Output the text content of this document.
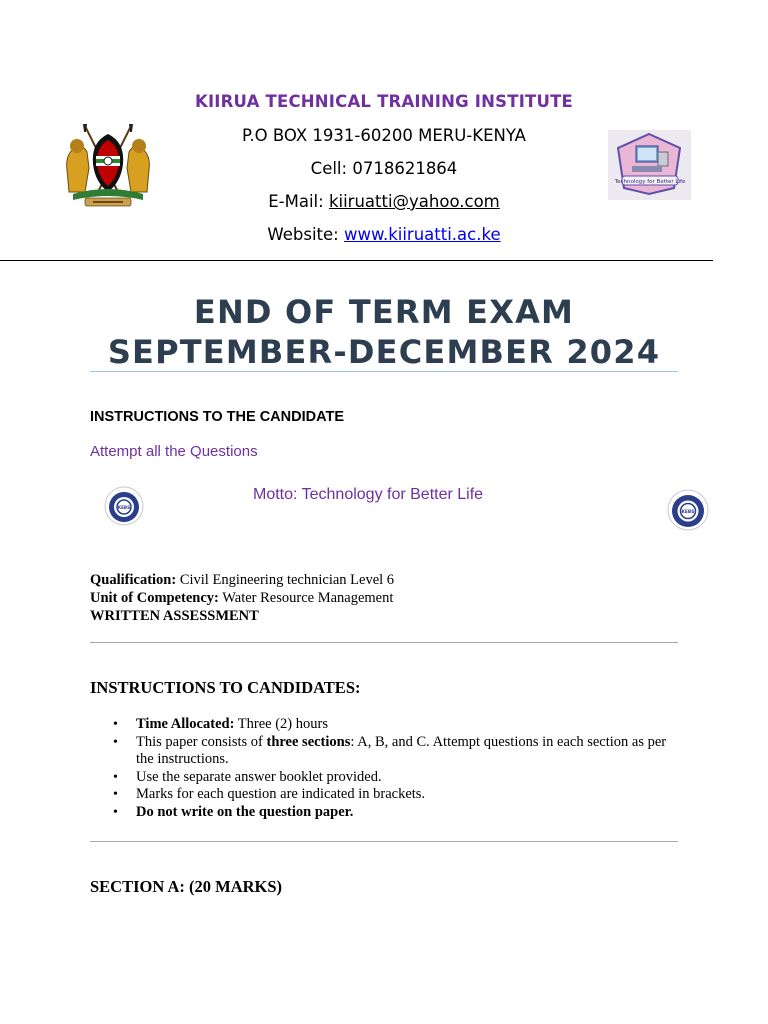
Technology for Better Life
KIIRUA TECHNICAL TRAINING INSTITUTE
P.O BOX 1931-60200 MERU-KENYA
Cell: 0718621864
E-Mail: kiiruatti@yahoo.com
Website: www.kiiruatti.ac.ke
END OF TERM EXAM
SEPTEMBER-DECEMBER 2024
INSTRUCTIONS TO THE CANDIDATE
Attempt all the Questions
KEBS
KEBS
Motto: Technology for Better Life
Qualification: Civil Engineering technician Level 6
Unit of Competency: Water Resource Management
WRITTEN ASSESSMENT
INSTRUCTIONS TO CANDIDATES:
• Time Allocated: Three (2) hours
• This paper consists of three sections: A, B, and C. Attempt questions in each section as per the instructions.
• Use the separate answer booklet provided.
• Marks for each question are indicated in brackets.
• Do not write on the question paper.
SECTION A: (20 MARKS)
